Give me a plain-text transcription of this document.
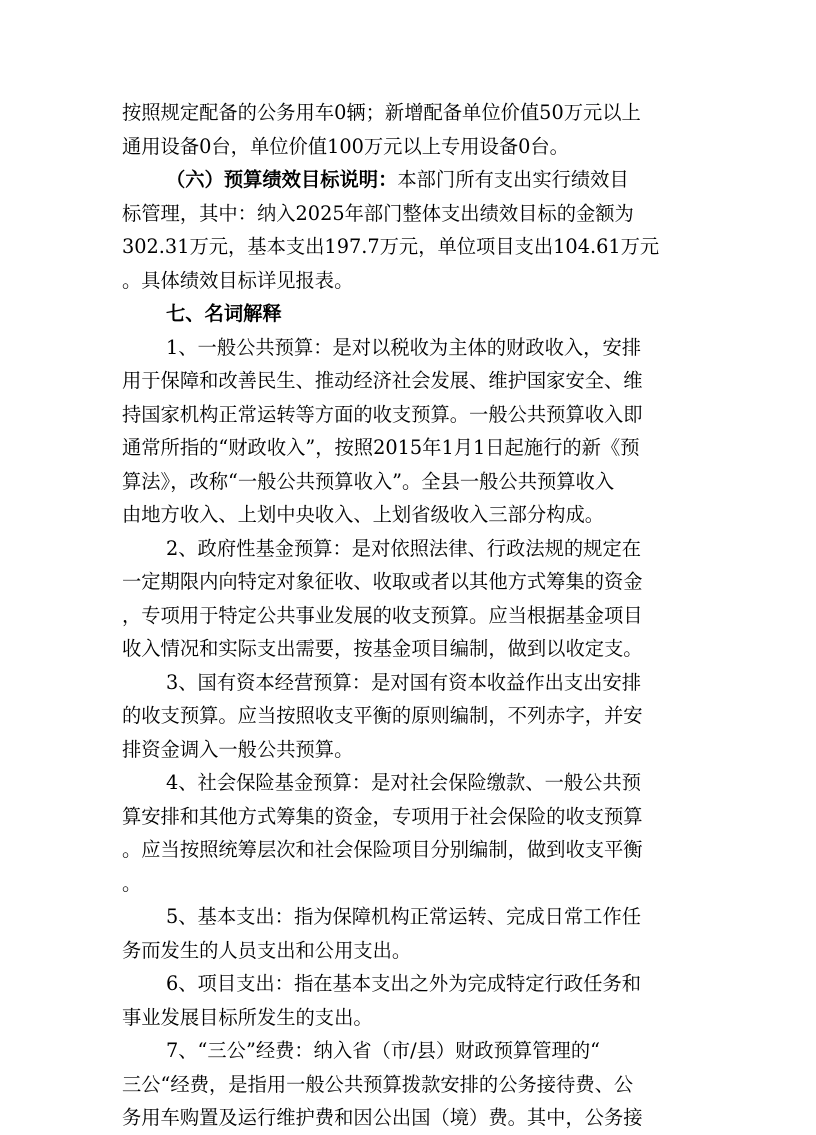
按照规定配备的公务用车0辆；新增配备单位价值50万元以上
通用设备0台，单位价值100万元以上专用设备0台。
（六）预算绩效目标说明：本部门所有支出实行绩效目
标管理，其中：纳入2025年部门整体支出绩效目标的金额为
302.31万元，基本支出197.7万元，单位项目支出104.61万元
。具体绩效目标详见报表。
七、名词解释
1、一般公共预算：是对以税收为主体的财政收入，安排
用于保障和改善民生、推动经济社会发展、维护国家安全、维
持国家机构正常运转等方面的收支预算。一般公共预算收入即
通常所指的“财政收入”，按照2015年1月1日起施行的新《预
算法》，改称“一般公共预算收入”。全县一般公共预算收入
由地方收入、上划中央收入、上划省级收入三部分构成。
2、政府性基金预算：是对依照法律、行政法规的规定在
一定期限内向特定对象征收、收取或者以其他方式筹集的资金
，专项用于特定公共事业发展的收支预算。应当根据基金项目
收入情况和实际支出需要，按基金项目编制，做到以收定支。
3、国有资本经营预算：是对国有资本收益作出支出安排
的收支预算。应当按照收支平衡的原则编制，不列赤字，并安
排资金调入一般公共预算。
4、社会保险基金预算：是对社会保险缴款、一般公共预
算安排和其他方式筹集的资金，专项用于社会保险的收支预算
。应当按照统筹层次和社会保险项目分别编制，做到收支平衡
。
5、基本支出：指为保障机构正常运转、完成日常工作任
务而发生的人员支出和公用支出。
6、项目支出：指在基本支出之外为完成特定行政任务和
事业发展目标所发生的支出。
7、“三公”经费：纳入省（市/县）财政预算管理的“
三公“经费，是指用一般公共预算拨款安排的公务接待费、公
务用车购置及运行维护费和因公出国（境）费。其中，公务接
